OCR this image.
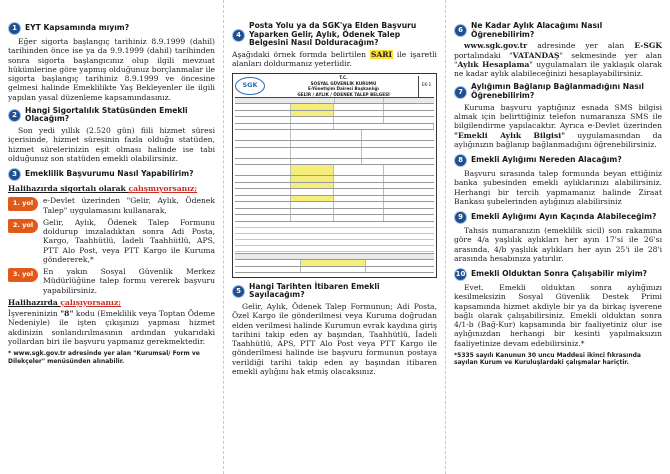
1	EYT Kapsamında mıyım?

Eğer sigorta başlangıç tarihiniz 8.9.1999 (dahil) tarihinden önce ise ya da 9.9.1999 (dahil) tarihinden sonra sigorta başlangıcınız olup ilgili mevzuat hükümlerine göre yapmış olduğunuz borçlanmalar ile sigorta başlangıç tarihiniz 8.9.1999 ve öncesine gelmesi halinde Emeklilikte Yaş Bekleyenler ile ilgili yapılan yasal düzenleme kapsamındasınız.

2
Hangi Sigortalılık Statüsünden Emekli Olacağım?

Son yedi yıllık (2.520 gün) fiili hizmet süresi içerisinde, hizmet süresinin fazla olduğu statüden, hizmet sürelerinizin eşit olması halinde ise tabi olduğunuz son statüden emekli olabilirsiniz.

3	Emeklilik Başvurumu Nasıl Yapabilirim?
Halihazırda sigortalı olarak çalışmıyorsanız;
1. yol	e-Devlet üzerinden "Gelir, Aylık, Ödenek Talep" uygulamasını kullanarak,
2. yol	Gelir, Aylık, Ödenek Talep Formunu doldurup imzaladıktan sonra Adi Posta, Kargo, Taahhütlü, İadeli Taahhütlü, APS, PTT Alo Post, veya PTT Kargo ile Kuruma göndererek,*
3. yol	En yakın Sosyal Güvenlik Merkez Müdürlüğüne talep formu vererek başvuru yapabilirsiniz.
Halihazırda çalışıyorsanız;

İşvereninizin "8" kodu (Emeklilik veya Toptan Ödeme Nedeniyle) ile işten çıkışınızı yapması hizmet akdinizin sonlandırılmasının ardından yukarıdaki yollardan biri ile başvuru yapmanız gerekmektedir.

* www.sgk.gov.tr adresinde yer alan "Kurumsal/ Form ve Dilekçeler" menüsünden alınabilir.
4
Posta Yolu ya da SGK'ya Elden Başvuru Yaparken Gelir, Aylık, Ödenek Talep Belgesini Nasıl Dolduracağım?

Aşağıdaki örnek formda belirtilen SARI ile işaretli alanları doldurmanız yeterlidir.

SGK
T.C.
SOSYAL GÜVENLİK KURUMU
E-Yönetişim Dairesi Başkanlığı
GELİR / AYLIK / ÖDENEK TALEP BELGESİ
EK-1
5
Hangi Tarihten İtibaren Emekli Sayılacağım?

Gelir, Aylık, Ödenek Talep Formunun; Adi Posta, Özel Kargo ile gönderilmesi veya Kuruma doğrudan elden verilmesi halinde Kurumun evrak kaydına giriş tarihini takip eden ay başından, Taahhütlü, İadeli Taahhütlü, APS, PTT Alo Post veya PTT Kargo ile gönderilmesi halinde ise başvuru formunun postaya verildiği tarihi takip eden ay başından itibaren emekli aylığını hak etmiş olacaksınız.

6
Ne Kadar Aylık Alacağımı Nasıl Öğrenebilirim?

www.sgk.gov.tr adresinde yer alan E-SGK portalındaki "VATANDAŞ" sekmesinde yer alan "Aylık Hesaplama" uygulamaları ile yaklaşık olarak ne kadar aylık alabileceğinizi hesaplayabilirsiniz.

7
Aylığımın Bağlanıp Bağlanmadığını Nasıl Öğrenebilirim?

Kuruma başvuru yaptığınız esnada SMS bilgisi almak için belirttiğiniz telefon numaranıza SMS ile bilgilendirme yapılacaktır. Ayrıca e-Devlet üzerinden "Emekli Aylık Bilgisi" uygulamasından da aylığınızın bağlanıp bağlanmadığını öğrenebilirsiniz.

8	Emekli Aylığımı Nereden Alacağım?

Başvuru sırasında talep formunda beyan ettiğiniz banka şubesinden emekli aylıklarınızı alabilirsiniz. Herhangi bir tercih yapmamanız halinde Ziraat Bankası şubelerinden aylığınızı alabilirsiniz

9	Emekli Aylığımı Ayın Kaçında Alabileceğim?

Tahsis numaranızın (emeklilik sicil) son rakamına göre 4/a yaşlılık aylıkları her ayın 17'si ile 26'sı arasında, 4/b yaşlılık aylıkları her ayın 25'i ile 28'i arasında hesabınıza yatırılır.

10 Emekli Olduktan Sonra Çalışabilir miyim?

Evet. Emekli olduktan sonra aylığınızı kesilmeksizin Sosyal Güvenlik Destek Primi kapsamında hizmet akdiyle bir ya da birkaç işverene bağlı olarak çalışabilirsiniz. Emekli olduktan sonra 4/1-b (Bağ-Kur) kapsamında bir faaliyetiniz olur ise aylığınızdan herhangi bir kesinti yapılmaksızın faaliyetinize devam edebilirsiniz.*

*5335 sayılı Kanunun 30 uncu Maddesi ikinci fıkrasında sayılan Kurum ve Kuruluşlardaki çalışmalar hariçtir.
